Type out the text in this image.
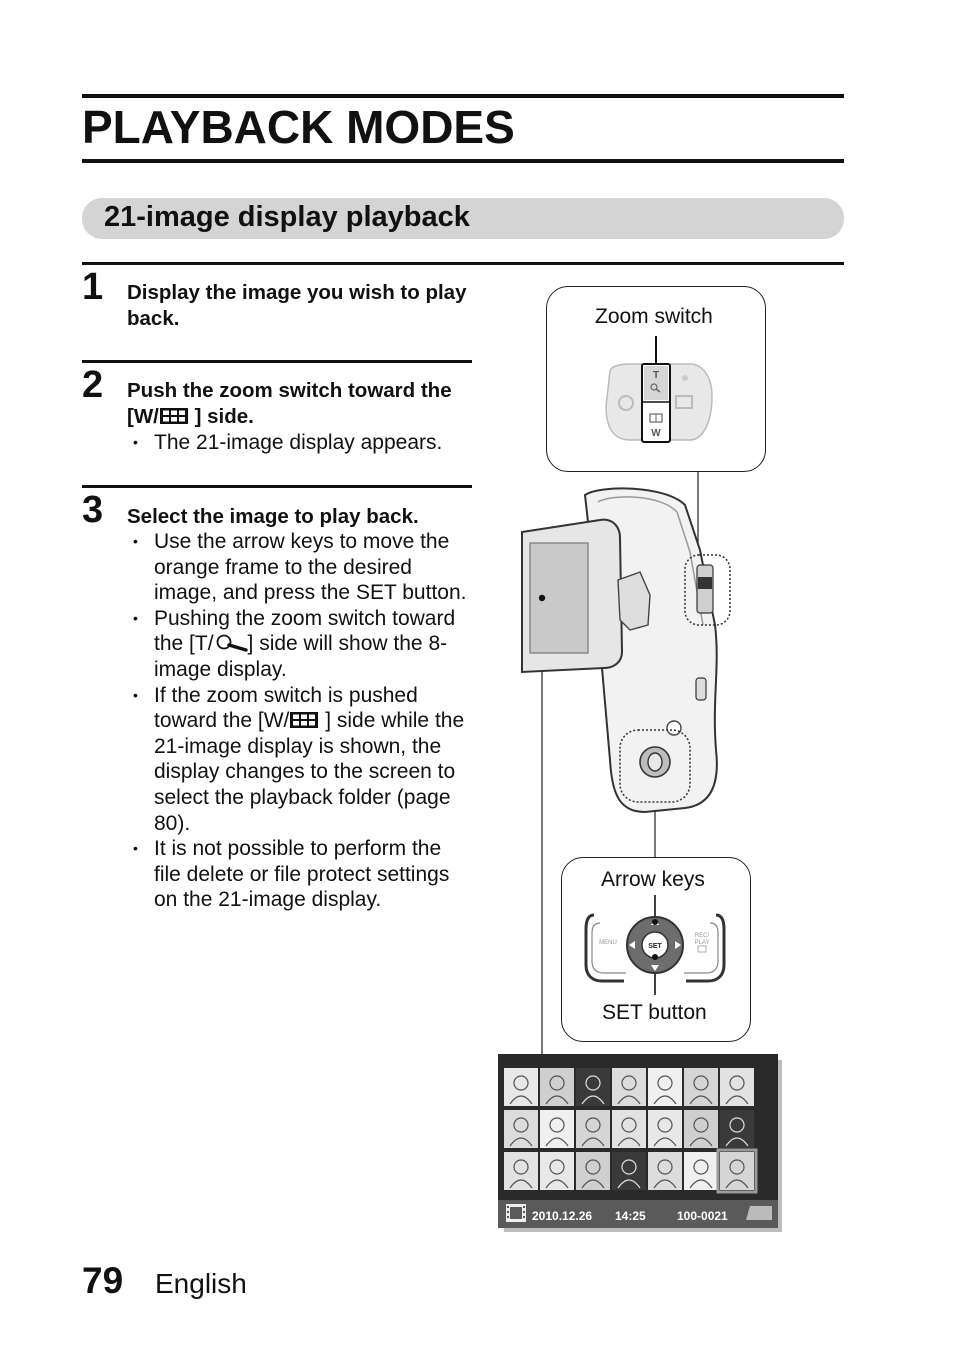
PLAYBACK MODES
21-image display playback
1 Display the image you wish to play back.
2 Push the zoom switch toward the [W/ ] side.
• The 21-image display appears.
3 Select the image to play back.
• Use the arrow keys to move the orange frame to the desired image, and press the SET button.
• Pushing the zoom switch toward the [T/ ] side will show the 8-image display.
• If the zoom switch is pushed toward the [W/ ] side while the 21-image display is shown, the display changes to the screen to select the playback folder (page 80).
• It is not possible to perform the file delete or file protect settings on the 21-image display.
Zoom switch
T
W
Arrow keys
SET button
MENU
REC/
PLAY
SET
2010.12.26 14:25	100-0021
79 English
